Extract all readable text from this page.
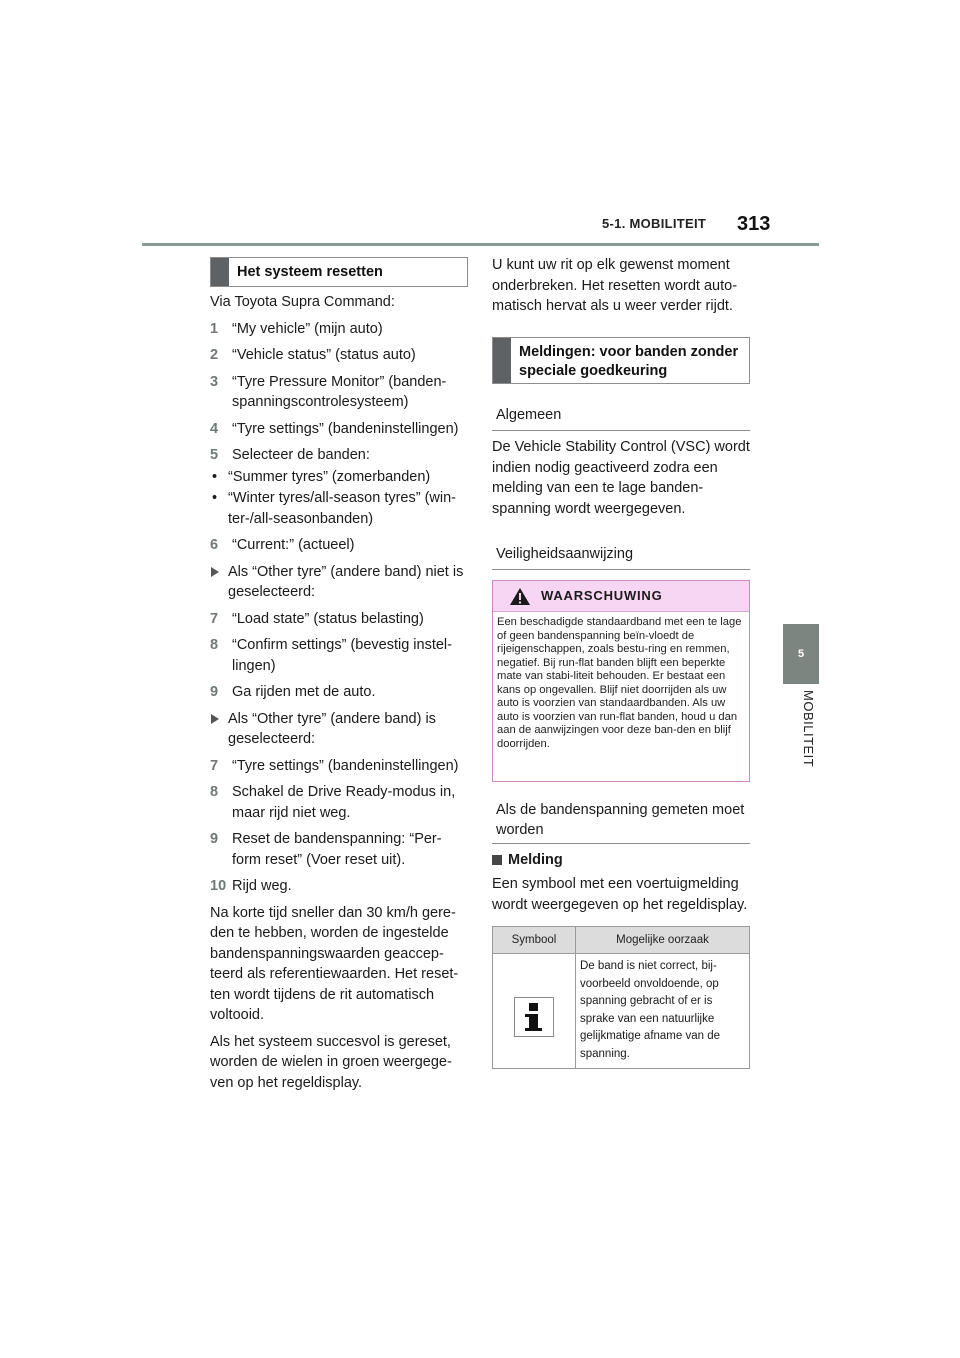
5-1. MOBILITEIT 313
5
MOBILITEIT
Het systeem resetten

Via Toyota Supra Command:

1 “My vehicle” (mijn auto)
2 “Vehicle status” (status auto)
3 “Tyre Pressure Monitor” (banden-spanningscontrolesysteem)
4 “Tyre settings” (bandeninstellingen)
5 Selecteer de banden:
• “Summer tyres” (zomerbanden)
• “Winter tyres/all-season tyres” (win-ter-/all-seasonbanden)
6 “Current:” (actueel)
Als “Other tyre” (andere band) niet is geselecteerd:
7 “Load state” (status belasting)
8 “Confirm settings” (bevestig instel-lingen)
9 Ga rijden met de auto.
Als “Other tyre” (andere band) is geselecteerd:
7 “Tyre settings” (bandeninstellingen)
8 Schakel de Drive Ready-modus in, maar rijd niet weg.
9 Reset de bandenspanning: “Per-form reset” (Voer reset uit).
10 Rijd weg.

Na korte tijd sneller dan 30 km/h gere-den te hebben, worden de ingestelde bandenspanningswaarden geaccep-teerd als referentiewaarden. Het reset-ten wordt tijdens de rit automatisch voltooid.

Als het systeem succesvol is gereset, worden de wielen in groen weergege-ven op het regeldisplay.

U kunt uw rit op elk gewenst moment onderbreken. Het resetten wordt auto-matisch hervat als u weer verder rijdt.
Meldingen: voor banden zonder speciale goedkeuring
Algemeen
De Vehicle Stability Control (VSC) wordt indien nodig geactiveerd zodra een melding van een te lage banden-spanning wordt weergegeven.
Veiligheidsaanwijzing
WAARSCHUWING
Een beschadigde standaardband met een te lage of geen bandenspanning beïn-vloedt de rijeigenschappen, zoals bestu-ring en remmen, negatief. Bij run-flat banden blijft een beperkte mate van stabi-liteit behouden. Er bestaat een kans op ongevallen. Blijf niet doorrijden als uw auto is voorzien van standaardbanden. Als uw auto is voorzien van run-flat banden, houd u dan aan de aanwijzingen voor deze ban-den en blijf doorrijden.
Als de bandenspanning gemeten moet worden
Melding
Een symbool met een voertuigmelding wordt weergegeven op het regeldisplay.
Symbool	Mogelijke oorzaak

	De band is niet correct, bij-voorbeeld onvoldoende, op spanning gebracht of er is sprake van een natuurlijke gelijkmatige afname van de spanning.
